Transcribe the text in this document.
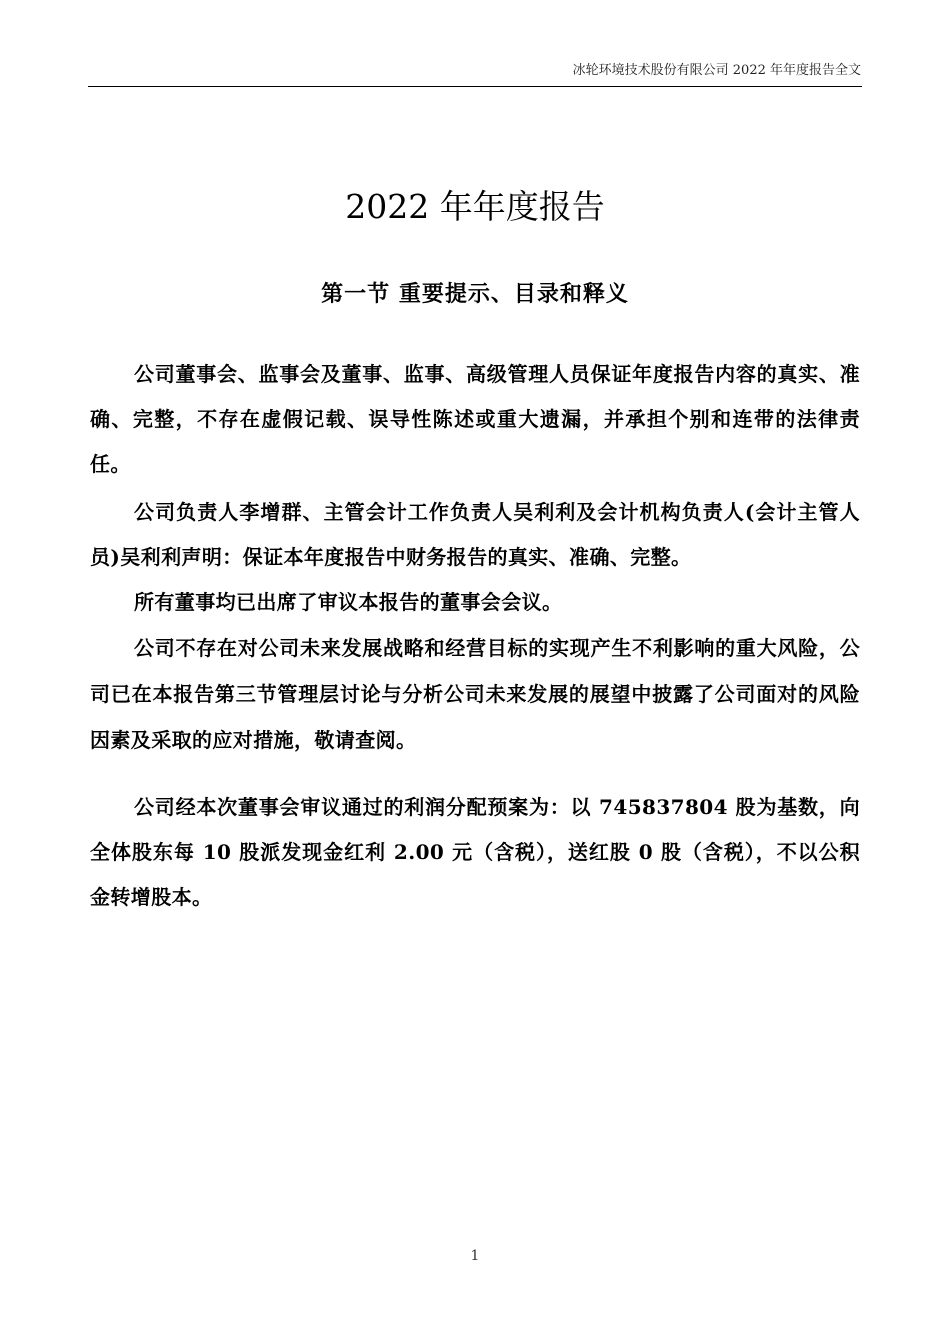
冰轮环境技术股份有限公司 2022 年年度报告全文
2022 年年度报告
第一节 重要提示、目录和释义

公司董事会、监事会及董事、监事、高级管理人员保证年度报告内容的真实、准确、完整，不存在虚假记载、误导性陈述或重大遗漏，并承担个别和连带的法律责任。

公司负责人李增群、主管会计工作负责人吴利利及会计机构负责人(会计主管人员)吴利利声明：保证本年度报告中财务报告的真实、准确、完整。

所有董事均已出席了审议本报告的董事会会议。

公司不存在对公司未来发展战略和经营目标的实现产生不利影响的重大风险，公司已在本报告第三节管理层讨论与分析公司未来发展的展望中披露了公司面对的风险因素及采取的应对措施，敬请查阅。

公司经本次董事会审议通过的利润分配预案为：以 745837804 股为基数，向全体股东每 10 股派发现金红利 2.00 元（含税），送红股 0 股（含税），不以公积金转增股本。

1
